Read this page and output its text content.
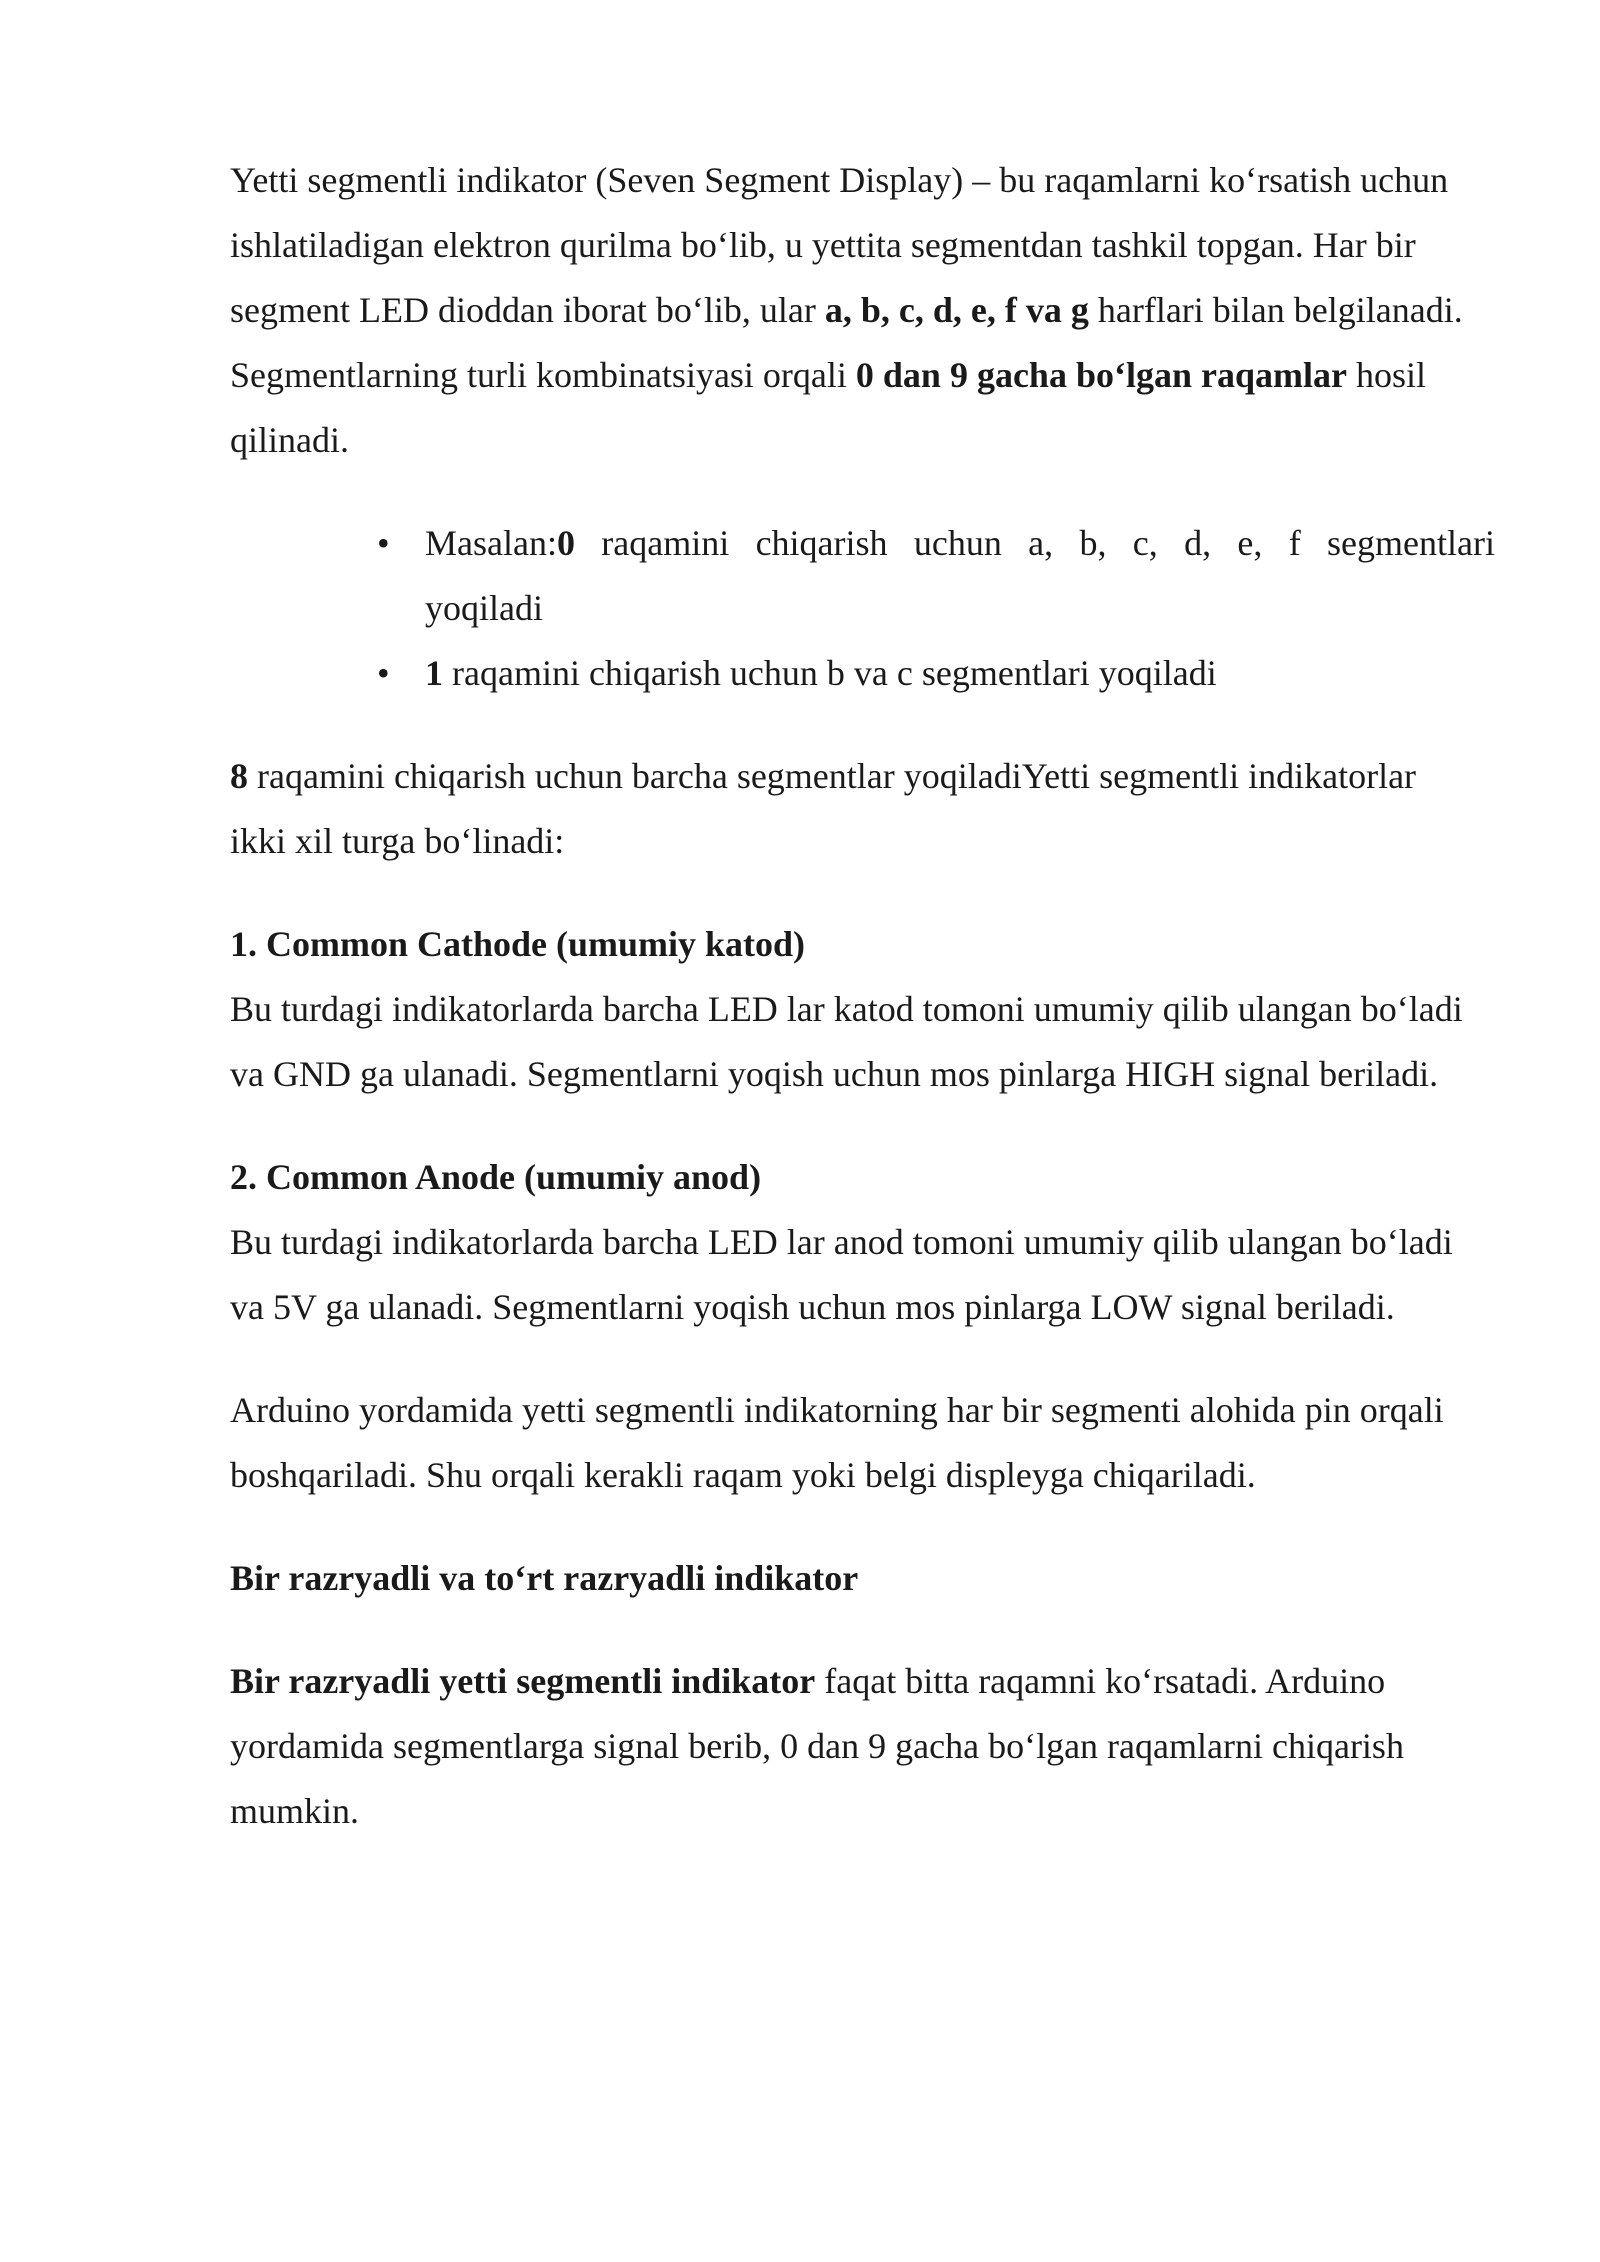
Yetti segmentli indikator (Seven Segment Display) – bu raqamlarni ko‘rsatish uchun ishlatiladigan elektron qurilma bo‘lib, u yettita segmentdan tashkil topgan. Har bir segment LED dioddan iborat bo‘lib, ular a, b, c, d, e, f va g harflari bilan belgilanadi. Segmentlarning turli kombinatsiyasi orqali 0 dan 9 gacha bo‘lgan raqamlar hosil qilinadi.

• Masalan:0 raqamini chiqarish uchun a, b, c, d, e, f segmentlari
yoqiladi
• 1 raqamini chiqarish uchun b va c segmentlari yoqiladi

8 raqamini chiqarish uchun barcha segmentlar yoqiladiYetti segmentli indikatorlar ikki xil turga bo‘linadi:

1. Common Cathode (umumiy katod)

Bu turdagi indikatorlarda barcha LED lar katod tomoni umumiy qilib ulangan bo‘ladi va GND ga ulanadi. Segmentlarni yoqish uchun mos pinlarga HIGH signal beriladi.

2. Common Anode (umumiy anod)

Bu turdagi indikatorlarda barcha LED lar anod tomoni umumiy qilib ulangan bo‘ladi va 5V ga ulanadi. Segmentlarni yoqish uchun mos pinlarga LOW signal beriladi.

Arduino yordamida yetti segmentli indikatorning har bir segmenti alohida pin orqali boshqariladi. Shu orqali kerakli raqam yoki belgi displeyga chiqariladi.

Bir razryadli va to‘rt razryadli indikator

Bir razryadli yetti segmentli indikator faqat bitta raqamni ko‘rsatadi. Arduino yordamida segmentlarga signal berib, 0 dan 9 gacha bo‘lgan raqamlarni chiqarish mumkin.
